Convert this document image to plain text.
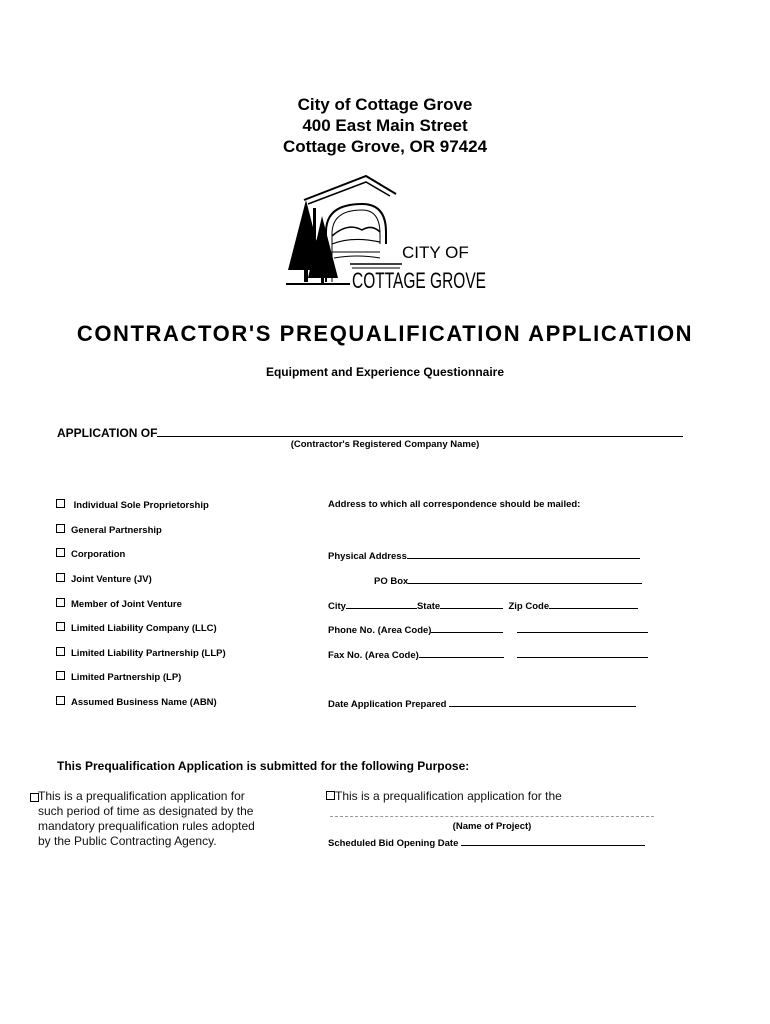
City of Cottage Grove
400 East Main Street
Cottage Grove, OR 97424
CITY OF
COTTAGE GROVE
CONTRACTOR'S PREQUALIFICATION APPLICATION
Equipment and Experience Questionnaire
APPLICATION OF
(Contractor's Registered Company Name)
Individual Sole Proprietorship
General Partnership
Corporation
Joint Venture (JV)
Member of Joint Venture
Limited Liability Company (LLC)
Limited Liability Partnership (LLP)
Limited Partnership (LP)
Assumed Business Name (ABN)
Address to which all correspondence should be mailed:
Physical Address
PO Box
City	State	Zip Code
Phone No. (Area Code)
Fax No. (Area Code)
Date Application Prepared
This Prequalification Application is submitted for the following Purpose:
This is a prequalification application for
such period of time as designated by the
mandatory prequalification rules adopted
by the Public Contracting Agency.
This is a prequalification application for the
(Name of Project)
Scheduled Bid Opening Date
